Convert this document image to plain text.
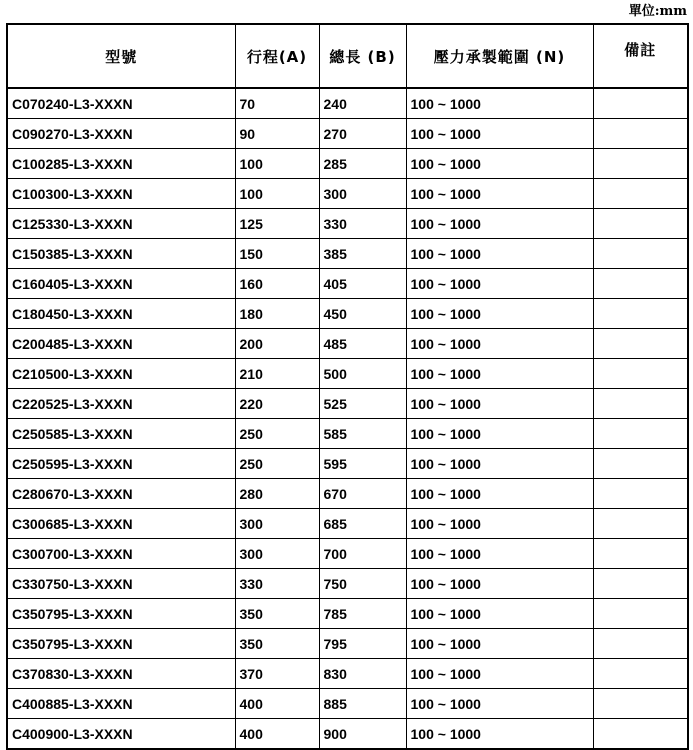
單位:mm
型號	行程(A)	總長 (B)	壓力承製範圍 (N)	備註
C070240-L3-XXXN	70	240	100 ~ 1000	
C090270-L3-XXXN	90	270	100 ~ 1000	
C100285-L3-XXXN	100	285	100 ~ 1000	
C100300-L3-XXXN	100	300	100 ~ 1000	
C125330-L3-XXXN	125	330	100 ~ 1000	
C150385-L3-XXXN	150	385	100 ~ 1000	
C160405-L3-XXXN	160	405	100 ~ 1000	
C180450-L3-XXXN	180	450	100 ~ 1000	
C200485-L3-XXXN	200	485	100 ~ 1000	
C210500-L3-XXXN	210	500	100 ~ 1000	
C220525-L3-XXXN	220	525	100 ~ 1000	
C250585-L3-XXXN	250	585	100 ~ 1000	
C250595-L3-XXXN	250	595	100 ~ 1000	
C280670-L3-XXXN	280	670	100 ~ 1000	
C300685-L3-XXXN	300	685	100 ~ 1000	
C300700-L3-XXXN	300	700	100 ~ 1000	
C330750-L3-XXXN	330	750	100 ~ 1000	
C350795-L3-XXXN	350	785	100 ~ 1000	
C350795-L3-XXXN	350	795	100 ~ 1000	
C370830-L3-XXXN	370	830	100 ~ 1000	
C400885-L3-XXXN	400	885	100 ~ 1000	
C400900-L3-XXXN	400	900	100 ~ 1000	
